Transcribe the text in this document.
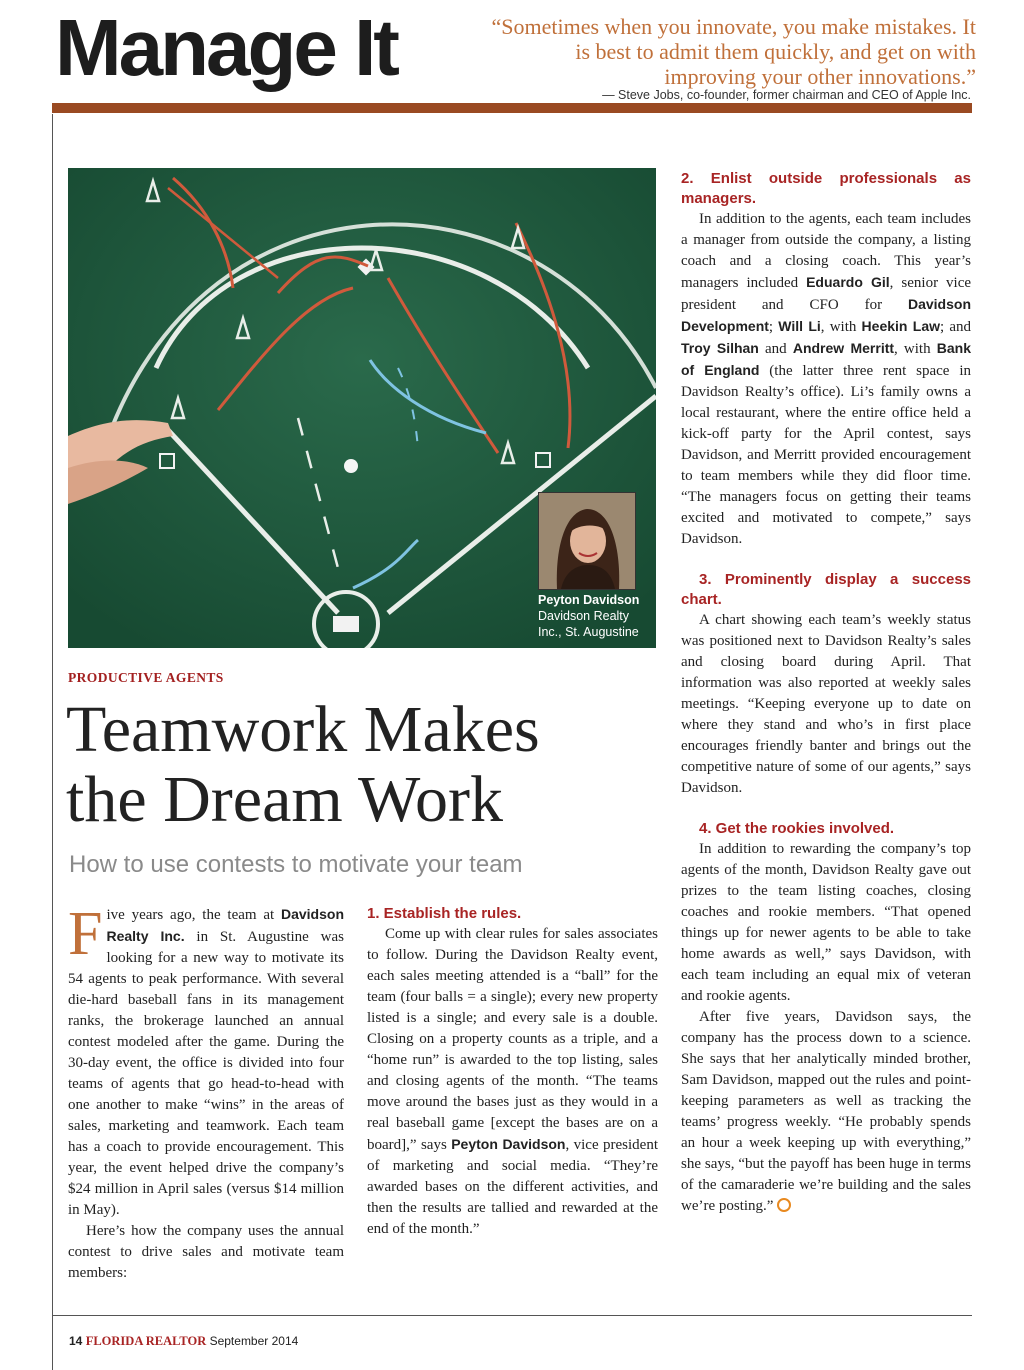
Manage It	“Sometimes when you innovate, you make mistakes. It is best to admit them quickly, and get on with improving your other innovations.”
— Steve Jobs, co-founder, former chairman and CEO of Apple Inc.
Peyton Davidson
Davidson Realty
Inc., St. Augustine
PRODUCTIVE AGENTS
Teamwork Makes
the Dream Work
How to use contests to motivate your team

Five years ago, the team at Davidson Realty Inc. in St. Augustine was looking for a new way to motivate its 54 agents to peak performance. With several die-hard baseball fans in its management ranks, the brokerage launched an annual contest modeled after the game. During the 30-day event, the office is divided into four teams of agents that go head-to-head with one another to make “wins” in the areas of sales, marketing and teamwork. Each team has a coach to provide encouragement. This year, the event helped drive the company’s $24 million in April sales (versus $14 million in May).

Here’s how the company uses the annual contest to drive sales and motivate team members:

1. Establish the rules.

Come up with clear rules for sales associates to follow. During the Davidson Realty event, each sales meeting attended is a “ball” for the team (four balls = a single); every new property listed is a single; and every sale is a double. Closing on a property counts as a triple, and a “home run” is awarded to the top listing, sales and closing agents of the month. “The teams move around the bases just as they would in a real baseball game [except the bases are on a board],” says Peyton Davidson, vice president of marketing and social media. “They’re awarded bases on the different activities, and then the results are tallied and rewarded at the end of the month.”

2. Enlist outside professionals as managers.

In addition to the agents, each team includes a manager from outside the company, a listing coach and a closing coach. This year’s managers included Eduardo Gil, senior vice president and CFO for Davidson Development; Will Li, with Heekin Law; and Troy Silhan and Andrew Merritt, with Bank of England (the latter three rent space in Davidson Realty’s office). Li’s family owns a local restaurant, where the entire office held a kick-off party for the April contest, says Davidson, and Merritt provided encouragement to team members while they did floor time. “The managers focus on getting their teams excited and motivated to compete,” says Davidson.

3. Prominently display a success chart.

A chart showing each team’s weekly status was positioned next to Davidson Realty’s sales and closing board during April. That information was also reported at weekly sales meetings. “Keeping everyone up to date on where they stand and who’s in first place encourages friendly banter and brings out the competitive nature of some of our agents,” says Davidson.

4. Get the rookies involved.

In addition to rewarding the company’s top agents of the month, Davidson Realty gave out prizes to the team listing coaches, closing coaches and rookie members. “That opened things up for newer agents to be able to take home awards as well,” says Davidson, with each team including an equal mix of veteran and rookie agents.

After five years, Davidson says, the company has the process down to a science. She says that her analytically minded brother, Sam Davidson, mapped out the rules and point-keeping parameters as well as tracking the teams’ progress weekly. “He probably spends an hour a week keeping up with everything,” she says, “but the payoff has been huge in terms of the camaraderie we’re building and the sales we’re posting.”

14 FLORIDA REALTOR September 2014
